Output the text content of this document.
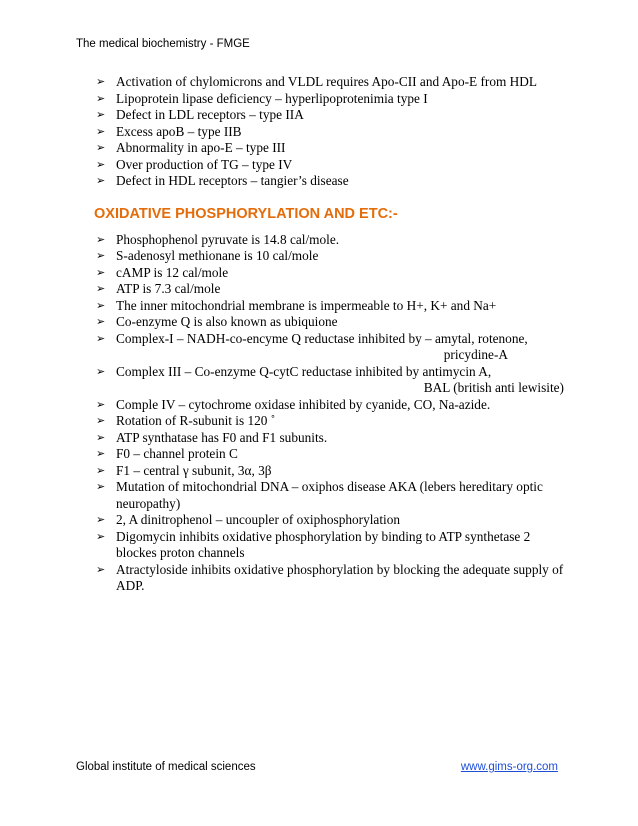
The medical biochemistry - FMGE
➢ Activation of chylomicrons and VLDL requires Apo-CII and Apo-E from HDL
➢ Lipoprotein lipase deficiency – hyperlipoprotenimia type I
➢ Defect in LDL receptors – type IIA
➢ Excess apoB – type IIB
➢ Abnormality in apo-E – type III
➢ Over production of TG – type IV
➢ Defect in HDL receptors – tangier’s disease
OXIDATIVE PHOSPHORYLATION AND ETC:-
➢ Phosphophenol pyruvate is 14.8 cal/mole.
➢ S-adenosyl methionane is 10 cal/mole
➢ cAMP is 12 cal/mole
➢ ATP is 7.3 cal/mole
➢ The inner mitochondrial membrane is impermeable to H+, K+ and Na+
➢ Co-enzyme Q is also known as ubiquione
➢ Complex-I – NADH-co-encyme Q reductase inhibited by – amytal, rotenone,
pricydine-A
➢ Complex III – Co-enzyme Q-cytC reductase inhibited by antimycin A,
BAL (british anti lewisite)
➢ Comple IV – cytochrome oxidase inhibited by cyanide, CO, Na-azide.
➢ Rotation of R-subunit is 120 ˚
➢ ATP synthatase has F0 and F1 subunits.
➢ F0 – channel protein C
➢ F1 – central γ subunit, 3α, 3β
➢ Mutation of mitochondrial DNA – oxiphos disease AKA (lebers hereditary optic neuropathy)
➢ 2, A dinitrophenol – uncoupler of oxiphosphorylation
➢ Digomycin inhibits oxidative phosphorylation by binding to ATP synthetase 2 blockes proton channels
➢ Atractyloside inhibits oxidative phosphorylation by blocking the adequate supply of ADP.
Global institute of medical sciences	www.gims-org.com
